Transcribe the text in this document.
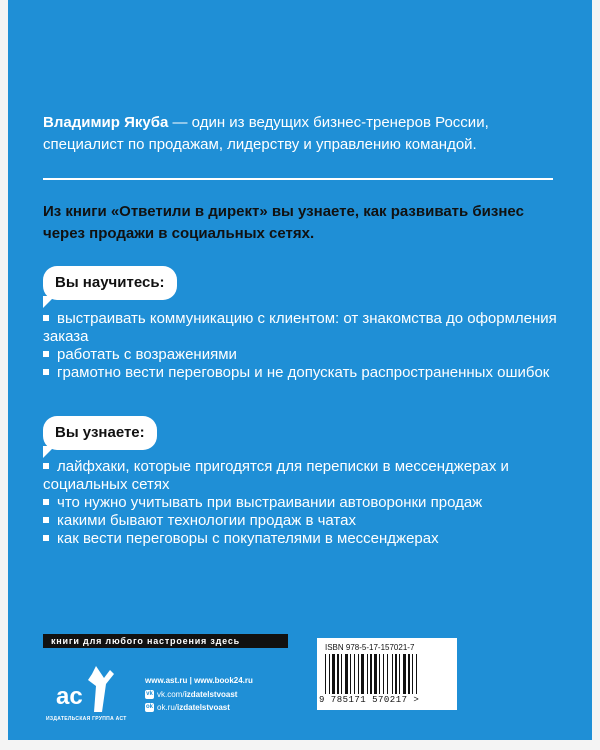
Владимир Якуба — один из ведущих бизнес-тренеров России, специалист по продажам, лидерству и управлению командой.
Из книги «Ответили в директ» вы узнаете, как развивать бизнес через продажи в социальных сетях.
Вы научитесь:
выстраивать коммуникацию с клиентом: от знакомства до оформления заказа
работать с возражениями
грамотно вести переговоры и не допускать распространенных ошибок
Вы узнаете:
лайфхаки, которые пригодятся для переписки в мессенджерах и социальных сетях
что нужно учитывать при выстраивании автоворонки продаж
какими бывают технологии продаж в чатах
как вести переговоры с покупателями в мессенджерах
книги для любого настроения здесь
ac
ИЗДАТЕЛЬСКАЯ ГРУППА АСТ
www.ast.ru | www.book24.ru
vk vk.com/izdatelstvoast
ok ok.ru/izdatelstvoast
ISBN 978-5-17-157021-7
9 785171 570217 >
